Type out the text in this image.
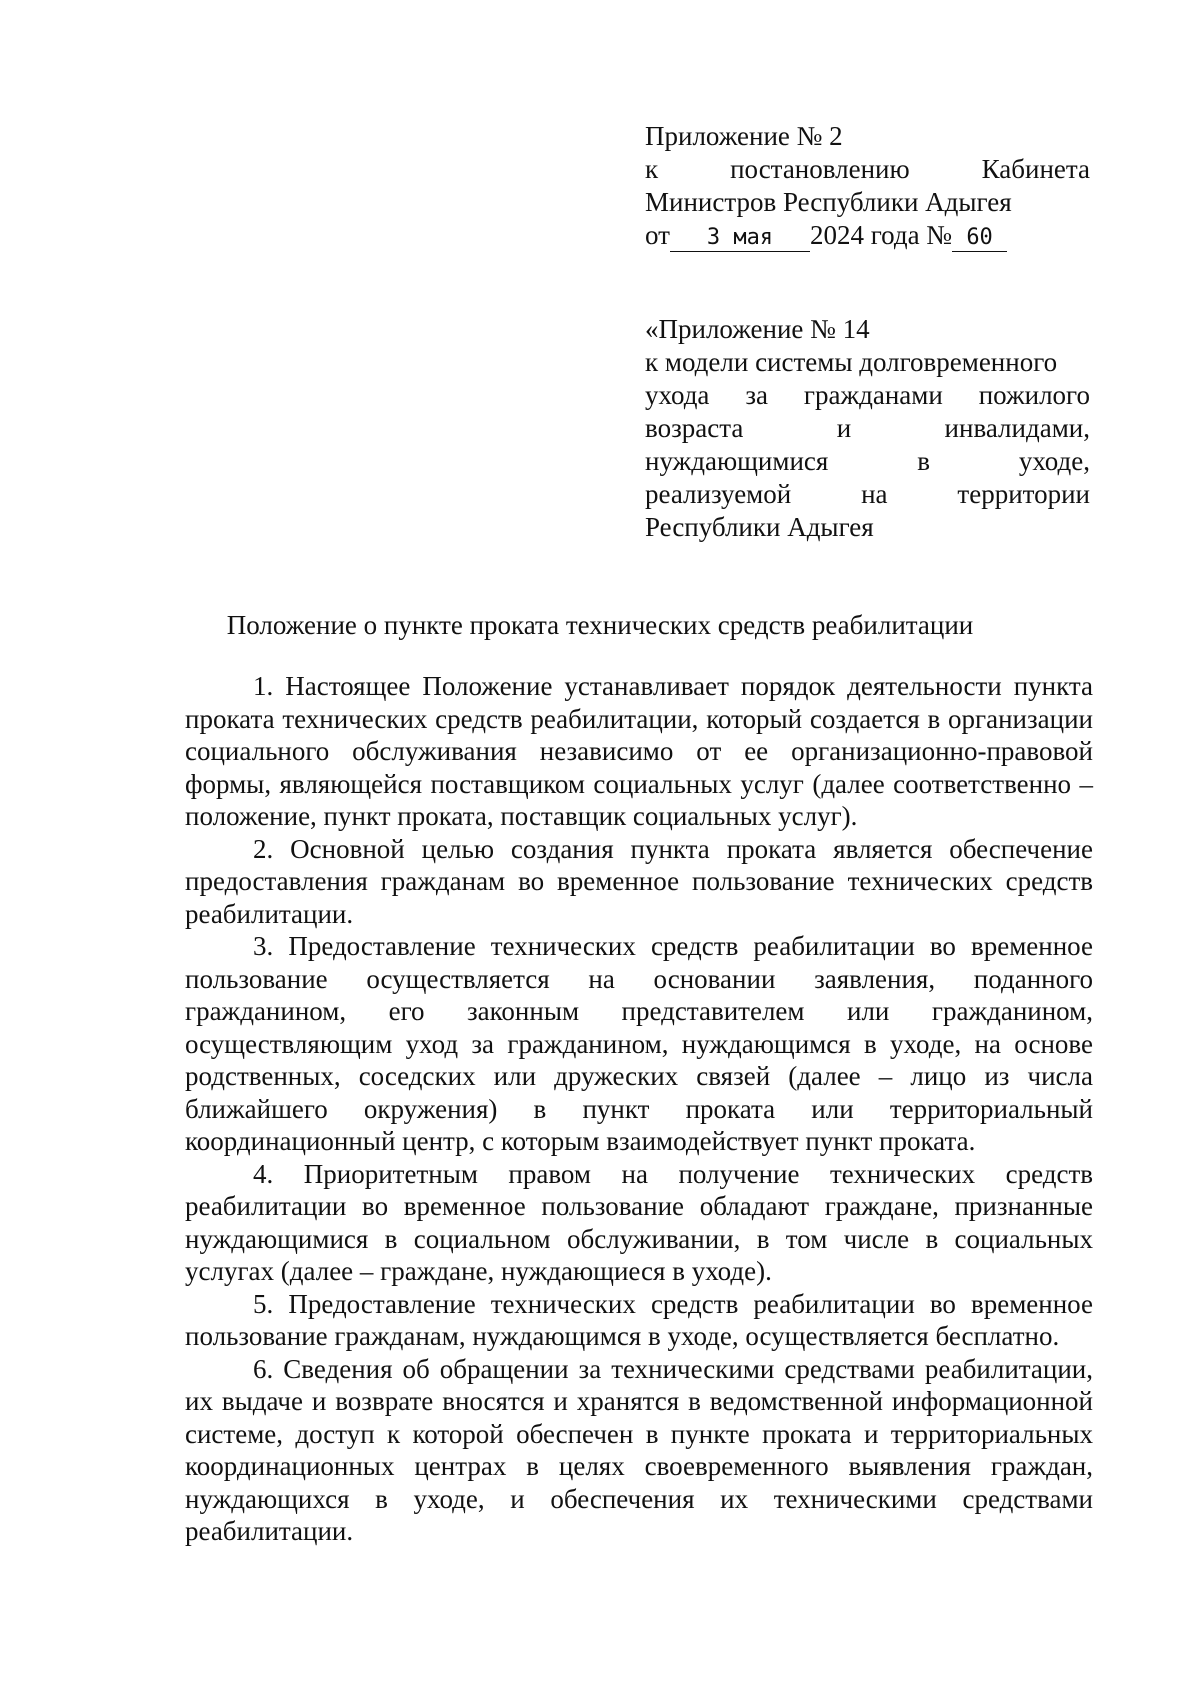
Приложение № 2
к	постановлению	Кабинета
Министров Республики Адыгея
от 3 мая 2024 года № 60
«Приложение № 14
к модели системы долговременного
ухода за гражданами пожилого
возраста	и	инвалидами,
нуждающимися	в	уходе,
реализуемой	на	территории
Республики Адыгея
Положение о пункте проката технических средств реабилитации

1. Настоящее Положение устанавливает порядок деятельности пункта проката технических средств реабилитации, который создается в организации социального обслуживания независимо от ее организационно-правовой формы, являющейся поставщиком социальных услуг (далее соответственно – положение, пункт проката, поставщик социальных услуг).

2. Основной целью создания пункта проката является обеспечение предоставления гражданам во временное пользование технических средств реабилитации.

3. Предоставление технических средств реабилитации во временное пользование осуществляется на основании заявления, поданного гражданином, его законным представителем или гражданином, осуществляющим уход за гражданином, нуждающимся в уходе, на основе родственных, соседских или дружеских связей (далее – лицо из числа ближайшего окружения) в пункт проката или территориальный координационный центр, с которым взаимодействует пункт проката.

4. Приоритетным правом на получение технических средств реабилитации во временное пользование обладают граждане, признанные нуждающимися в социальном обслуживании, в том числе в социальных услугах (далее – граждане, нуждающиеся в уходе).

5. Предоставление технических средств реабилитации во временное пользование гражданам, нуждающимся в уходе, осуществляется бесплатно.

6. Сведения об обращении за техническими средствами реабилитации, их выдаче и возврате вносятся и хранятся в ведомственной информационной системе, доступ к которой обеспечен в пункте проката и территориальных координационных центрах в целях своевременного выявления граждан, нуждающихся в уходе, и обеспечения их техническими средствами реабилитации.
